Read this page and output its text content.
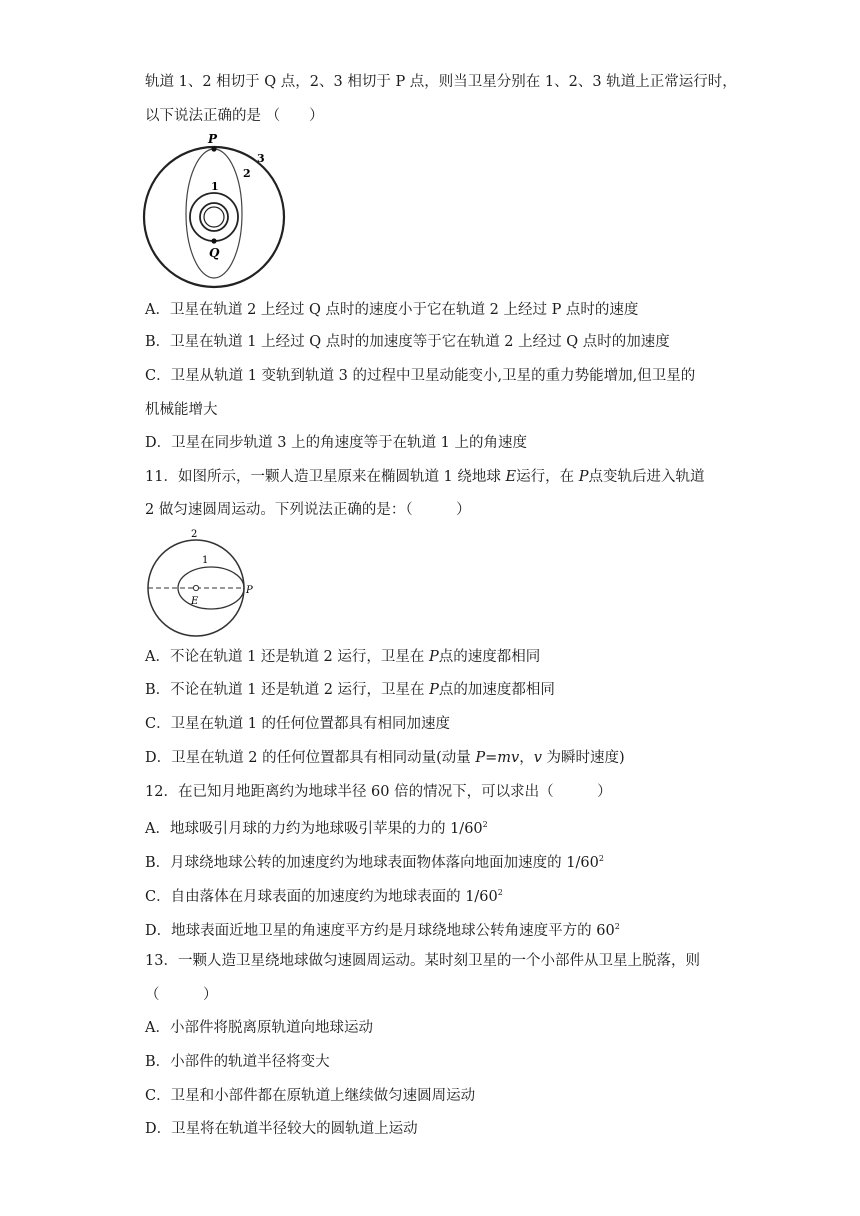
轨道 1、2 相切于 Q 点，2、3 相切于 P 点，则当卫星分别在 1、2、3 轨道上正常运行时，
以下说法正确的是 （　　）
P
Q
1
2
3
A．卫星在轨道 2 上经过 Q 点时的速度小于它在轨道 2 上经过 P 点时的速度
B．卫星在轨道 1 上经过 Q 点时的加速度等于它在轨道 2 上经过 Q 点时的加速度
C．卫星从轨道 1 变轨到轨道 3 的过程中卫星动能变小,卫星的重力势能增加,但卫星的
机械能增大
D．卫星在同步轨道 3 上的角速度等于在轨道 1 上的角速度
11．如图所示，一颗人造卫星原来在椭圆轨道 1 绕地球 E运行，在 P点变轨后进入轨道
2 做匀速圆周运动。下列说法正确的是：（　　　）
2
1
E
P
A．不论在轨道 1 还是轨道 2 运行，卫星在 P点的速度都相同
B．不论在轨道 1 还是轨道 2 运行，卫星在 P点的加速度都相同
C．卫星在轨道 1 的任何位置都具有相同加速度
D．卫星在轨道 2 的任何位置都具有相同动量(动量 P=mv，v 为瞬时速度)
12．在已知月地距离约为地球半径 60 倍的情况下，可以求出（　　　）
A．地球吸引月球的力约为地球吸引苹果的力的 $1/60^2$
B．月球绕地球公转的加速度约为地球表面物体落向地面加速度的 $1/60^2$
C．自由落体在月球表面的加速度约为地球表面的 $1/60^2$
D．地球表面近地卫星的角速度平方约是月球绕地球公转角速度平方的 $60^2$
13．一颗人造卫星绕地球做匀速圆周运动。某时刻卫星的一个小部件从卫星上脱落，则
（　　　）
A．小部件将脱离原轨道向地球运动
B．小部件的轨道半径将变大
C．卫星和小部件都在原轨道上继续做匀速圆周运动
D．卫星将在轨道半径较大的圆轨道上运动
